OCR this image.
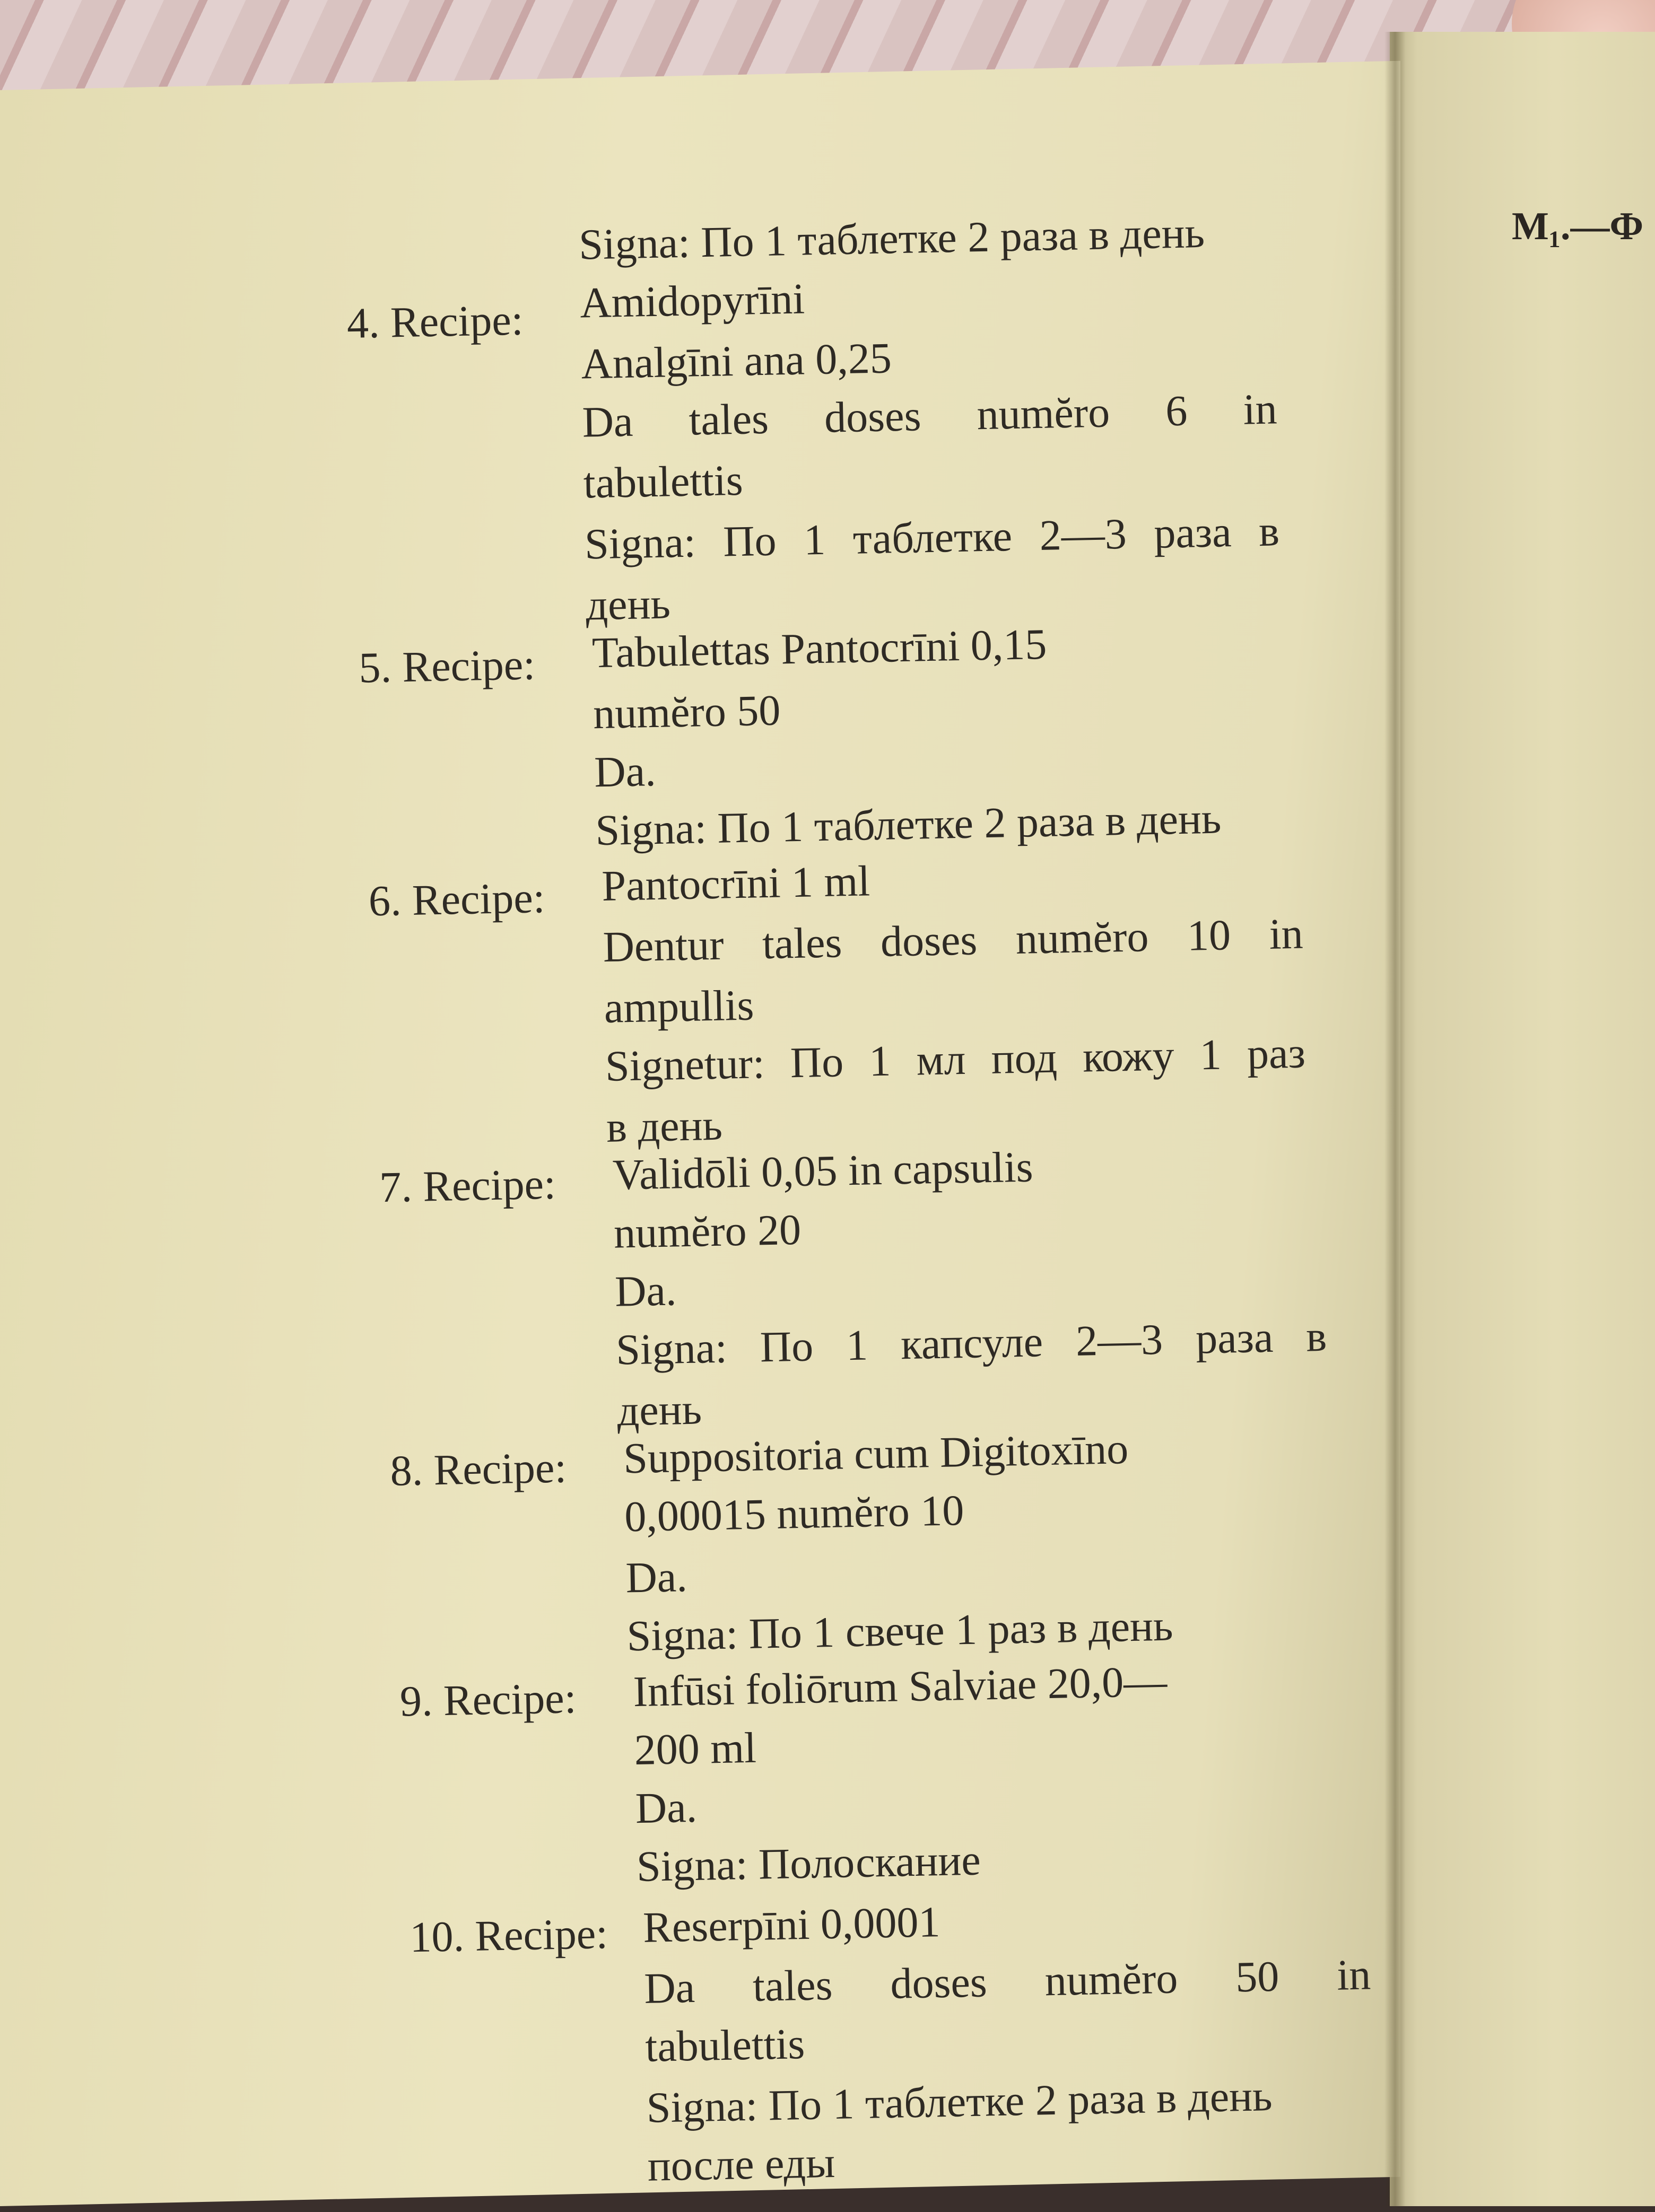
M₁.—Ф
Signa: По 1 таблетке 2 раза в день
4. Recipe: Amidopyrīni
Analgīni ana 0,25
Da tales doses numĕro 6 in
tabulettis
Signa: По 1 таблетке 2—3 раза в
день
5. Recipe: Tabulettas Pantocrīni 0,15
numĕro 50
Da.
Signa: По 1 таблетке 2 раза в день
6. Recipe: Pantocrīni 1 ml
Dentur tales doses numĕro 10 in
ampullis
Signetur: По 1 мл под кожу 1 раз
в день
7. Recipe: Validōli 0,05 in capsulis
numĕro 20
Da.
Signa: По 1 капсуле 2—3 раза в
день
8. Recipe: Suppositoria cum Digitoxīno
0,00015 numĕro 10
Da.
Signa: По 1 свече 1 раз в день
9. Recipe: Infūsi foliōrum Salviae 20,0—
200 ml
Da.
Signa: Полоскание
10. Recipe: Reserpīni 0,0001
Da tales doses numĕro 50 in
tabulettis
Signa: По 1 таблетке 2 раза в день
после еды
